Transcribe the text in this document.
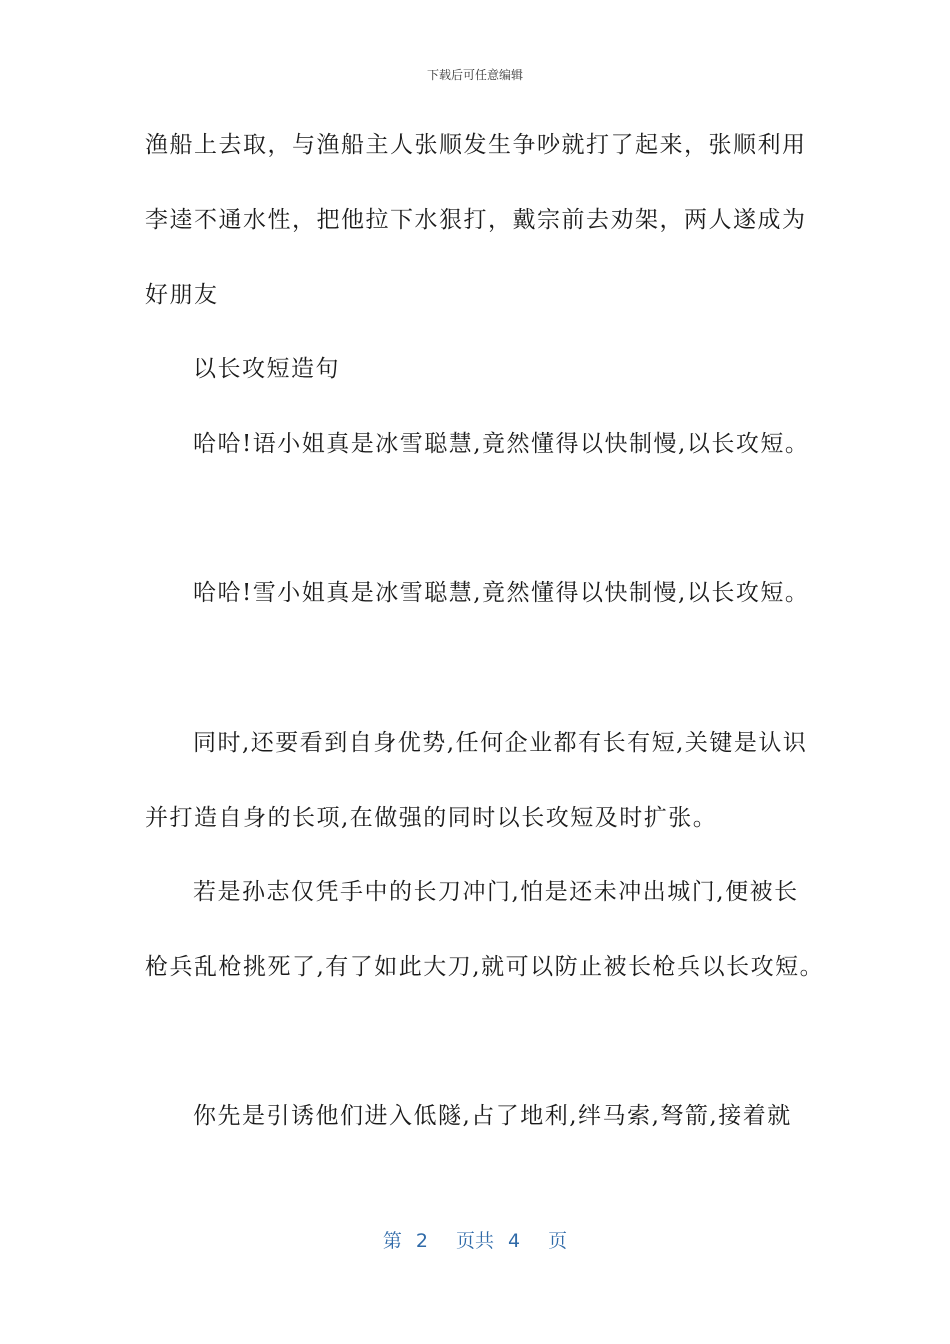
下载后可任意编辑
渔船上去取，与渔船主人张顺发生争吵就打了起来，张顺利用
李逵不通水性，把他拉下水狠打，戴宗前去劝架，两人遂成为
好朋友
以长攻短造句
哈哈!语小姐真是冰雪聪慧,竟然懂得以快制慢,以长攻短。
哈哈!雪小姐真是冰雪聪慧,竟然懂得以快制慢,以长攻短。
同时,还要看到自身优势,任何企业都有长有短,关键是认识
并打造自身的长项,在做强的同时以长攻短及时扩张。
若是孙志仅凭手中的长刀冲门,怕是还未冲出城门,便被长
枪兵乱枪挑死了,有了如此大刀,就可以防止被长枪兵以长攻短。
你先是引诱他们进入低隧,占了地利,绊马索,弩箭,接着就
第 2 页共 4 页
